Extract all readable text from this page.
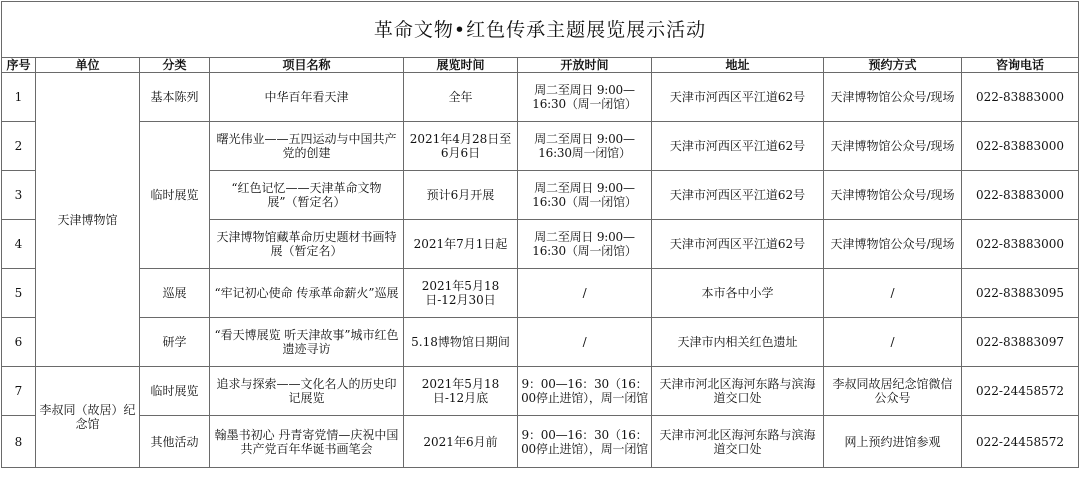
革命文物•红色传承主题展览展示活动								
序号	单位	分类	项目名称	展览时间	开放时间	地址	预约方式	咨询电话
1	天津博物馆	基本陈列	中华百年看天津	全年	周二至周日 9:00—16:30（周一闭馆）	天津市河西区平江道62号	天津博物馆公众号/现场	022-83883000
2		临时展览	曙光伟业——五四运动与中国共产党的创建	2021年4月28日至6月6日	周二至周日 9:00—16:30周一闭馆）	天津市河西区平江道62号	天津博物馆公众号/现场	022-83883000
3			“红色记忆——天津革命文物展”（暂定名）	预计6月开展	周二至周日 9:00—16:30（周一闭馆）	天津市河西区平江道62号	天津博物馆公众号/现场	022-83883000
4			天津博物馆藏革命历史题材书画特展（暂定名）	2021年7月1日起	周二至周日 9:00—16:30（周一闭馆）	天津市河西区平江道62号	天津博物馆公众号/现场	022-83883000
5		巡展	“牢记初心使命 传承革命薪火”巡展	2021年5月18日-12月30日	/	本市各中小学	/	022-83883095
6		研学	“看天博展览 听天津故事”城市红色遗迹寻访	5.18博物馆日期间	/	天津市内相关红色遗址	/	022-83883097
7	李叔同（故居）纪念馆	临时展览	追求与探索——文化名人的历史印记展览	2021年5月18日-12月底	9：00—16：30（16：00停止进馆），周一闭馆	天津市河北区海河东路与滨海道交口处	李叔同故居纪念馆微信公众号	022-24458572
8		其他活动	翰墨书初心 丹青寄党情—庆祝中国共产党百年华诞书画笔会	2021年6月前	9：00—16：30（16：00停止进馆），周一闭馆	天津市河北区海河东路与滨海道交口处	网上预约进馆参观	022-24458572
